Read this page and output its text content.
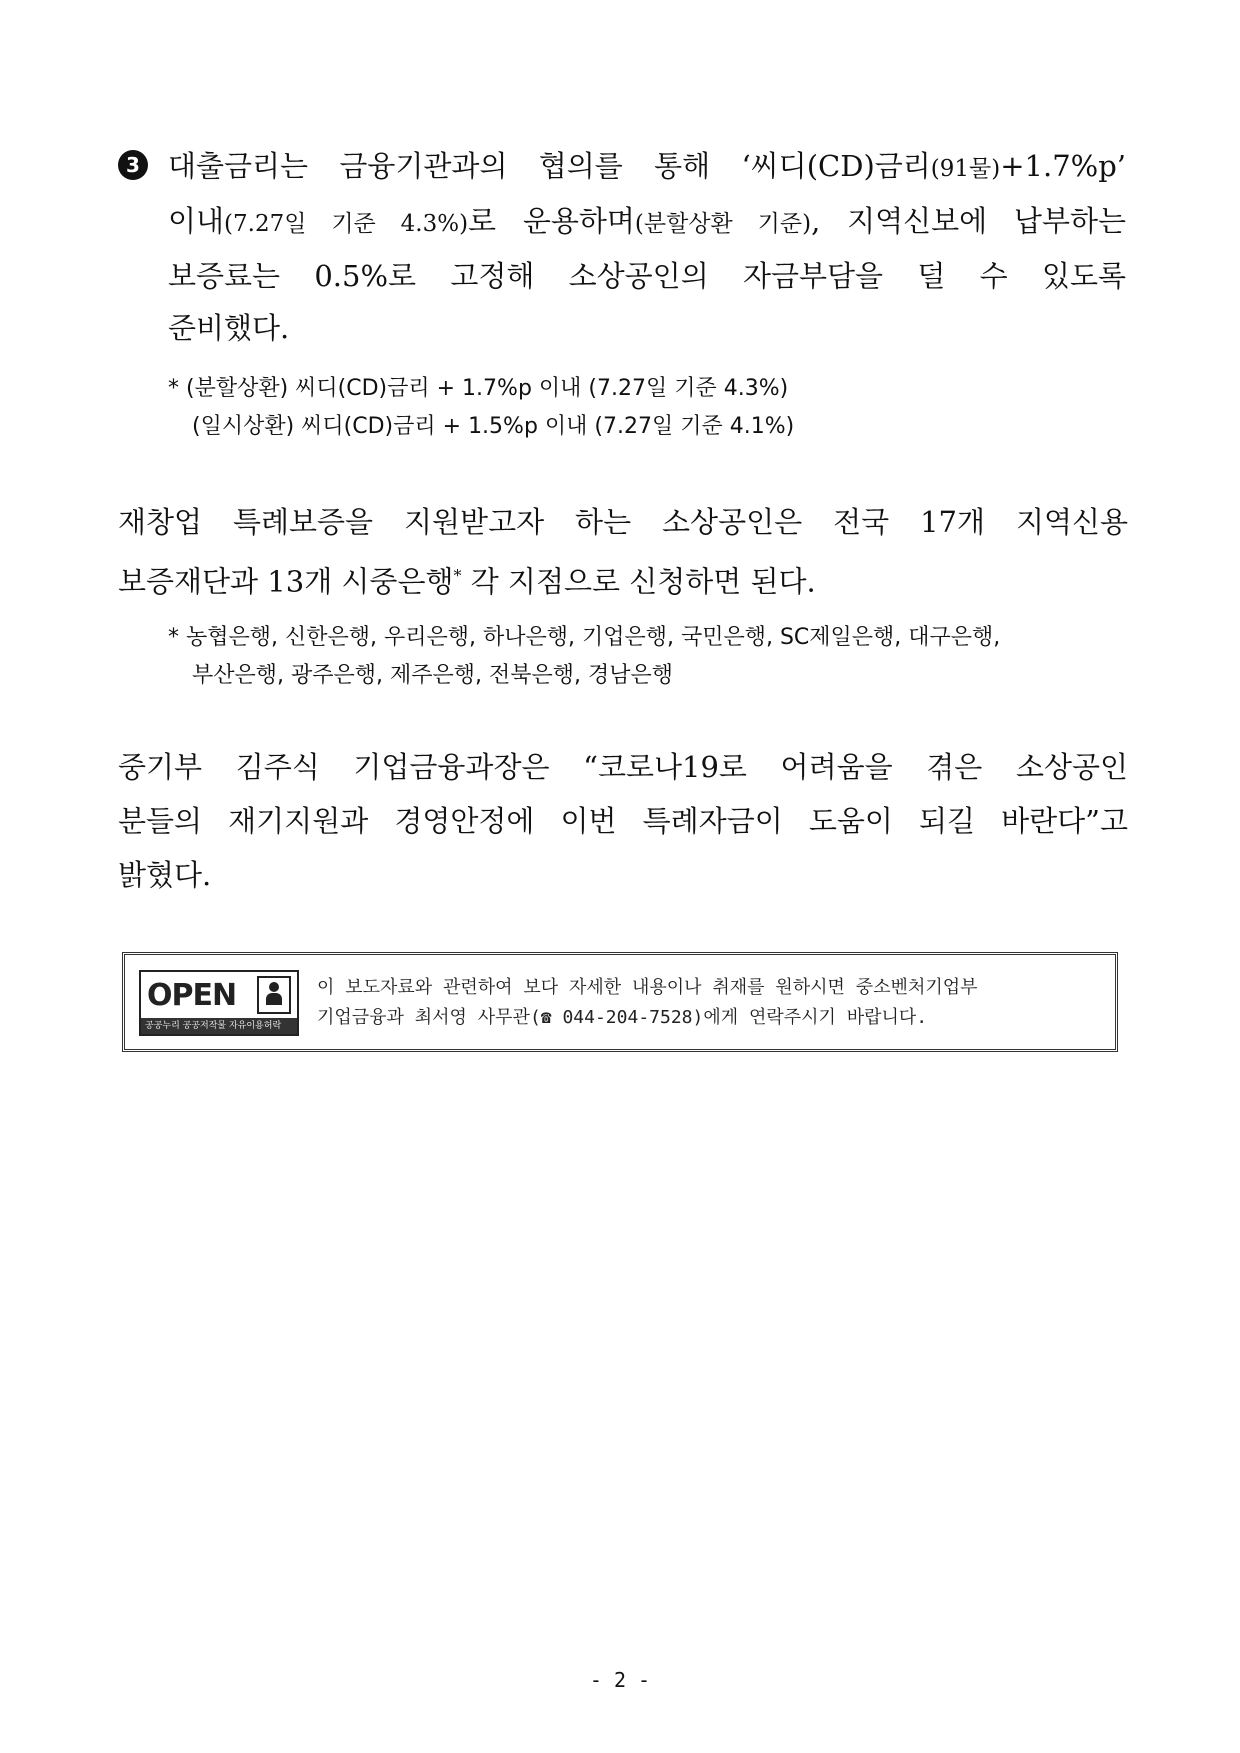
3 대출금리는 금융기관과의 협의를 통해 ‘씨디(CD)금리(91물)+1.7%p’
이내(7.27일 기준 4.3%)로 운용하며(분할상환 기준), 지역신보에 납부하는
보증료는 0.5%로 고정해 소상공인의 자금부담을 덜 수 있도록
준비했다.
* (분할상환) 씨디(CD)금리 + 1.7%p 이내 (7.27일 기준 4.3%)
(일시상환) 씨디(CD)금리 + 1.5%p 이내 (7.27일 기준 4.1%)
재창업 특례보증을 지원받고자 하는 소상공인은 전국 17개 지역신용
보증재단과 13개 시중은행* 각 지점으로 신청하면 된다.
* 농협은행, 신한은행, 우리은행, 하나은행, 기업은행, 국민은행, SC제일은행, 대구은행,
부산은행, 광주은행, 제주은행, 전북은행, 경남은행
중기부 김주식 기업금융과장은 “코로나19로 어려움을 겪은 소상공인
분들의 재기지원과 경영안정에 이번 특례자금이 도움이 되길 바란다”고
밝혔다.
OPEN
공공누리 공공저작물 자유이용허락
이 보도자료와 관련하여 보다 자세한 내용이나 취재를 원하시면 중소벤처기업부
기업금융과 최서영 사무관(☎ 044-204-7528)에게 연락주시기 바랍니다.
- 2 -
